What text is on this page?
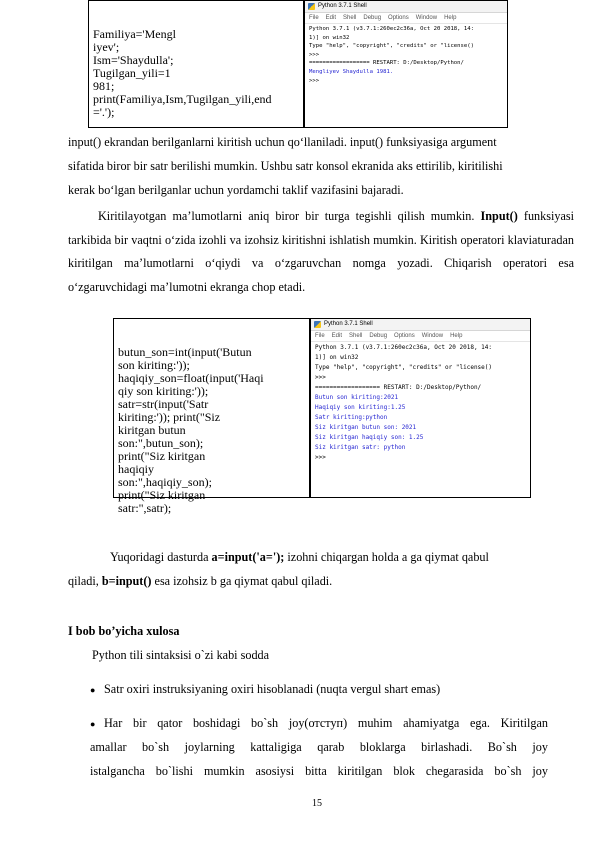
Familiya='Mengl
iyev';
Ism='Shaydulla';
Tugilgan_yili=1
981;
print(Familiya,Ism,Tugilgan_yili,end
='.');

Python 3.7.1 Shell
File Edit Shell Debug Options Window Help
Python 3.7.1 (v3.7.1:260ec2c36a, Oct 20 2018, 14:
1)] on win32
Type "help", "copyright", "credits" or "license()
>>>
================== RESTART: D:/Desktop/Python/
Mengliyev Shaydulla 1981.
>>>
input() ekrandan berilganlarni kiritish uchun qo‘llaniladi. input() funksiyasiga argument
sifatida biror bir satr berilishi mumkin. Ushbu satr konsol ekranida aks ettirilib, kiritilishi
kerak bo‘lgan berilganlar uchun yordamchi taklif vazifasini bajaradi.
Kiritilayotgan ma’lumotlarni aniq biror bir turga tegishli qilish mumkin. Input() funksiyasi tarkibida bir vaqtni o‘zida izohli va izohsiz kiritishni ishlatish mumkin. Kiritish operatori klaviaturadan kiritilgan ma’lumotlarni o‘qiydi va o‘zgaruvchan nomga yozadi. Chiqarish operatori esa o‘zgaruvchidagi ma’lumotni ekranga chop etadi.

butun_son=int(input('Butun
son kiriting:'));
haqiqiy_son=float(input('Haqi
qiy son kiriting:'));
satr=str(input('Satr
kiriting:')); print("Siz
kiritgan butun
son:",butun_son);
print("Siz kiritgan
haqiqiy
son:",haqiqiy_son);
print("Siz kiritgan
satr:",satr);

Python 3.7.1 Shell
File Edit Shell Debug Options Window Help
Python 3.7.1 (v3.7.1:260ec2c36a, Oct 20 2018, 14:
1)] on win32
Type "help", "copyright", "credits" or "license()
>>>
================== RESTART: D:/Desktop/Python/
Butun son kiriting:2021
Haqiqiy son kiriting:1.25
Satr kiriting:python
Siz kiritgan butun son: 2021
Siz kiritgan haqiqiy son: 1.25
Siz kiritgan satr: python
>>>
Yuqoridagi dasturda a=input('a='); izohni chiqargan holda a ga qiymat qabul
qiladi, b=input() esa izohsiz b ga qiymat qabul qiladi.
I bob bo’yicha xulosa
Python tili sintaksisi o`zi kabi sodda
● Satr oxiri instruksiyaning oxiri hisoblanadi (nuqta vergul shart emas)
● Har bir qator boshidagi bo`sh joy(отступ) muhim ahamiyatga ega. Kiritilgan
amallar bo`sh joylarning kattaligiga qarab bloklarga birlashadi. Bo`sh joy
istalgancha bo`lishi mumkin asosiysi bitta kiritilgan blok chegarasida bo`sh joy
15
